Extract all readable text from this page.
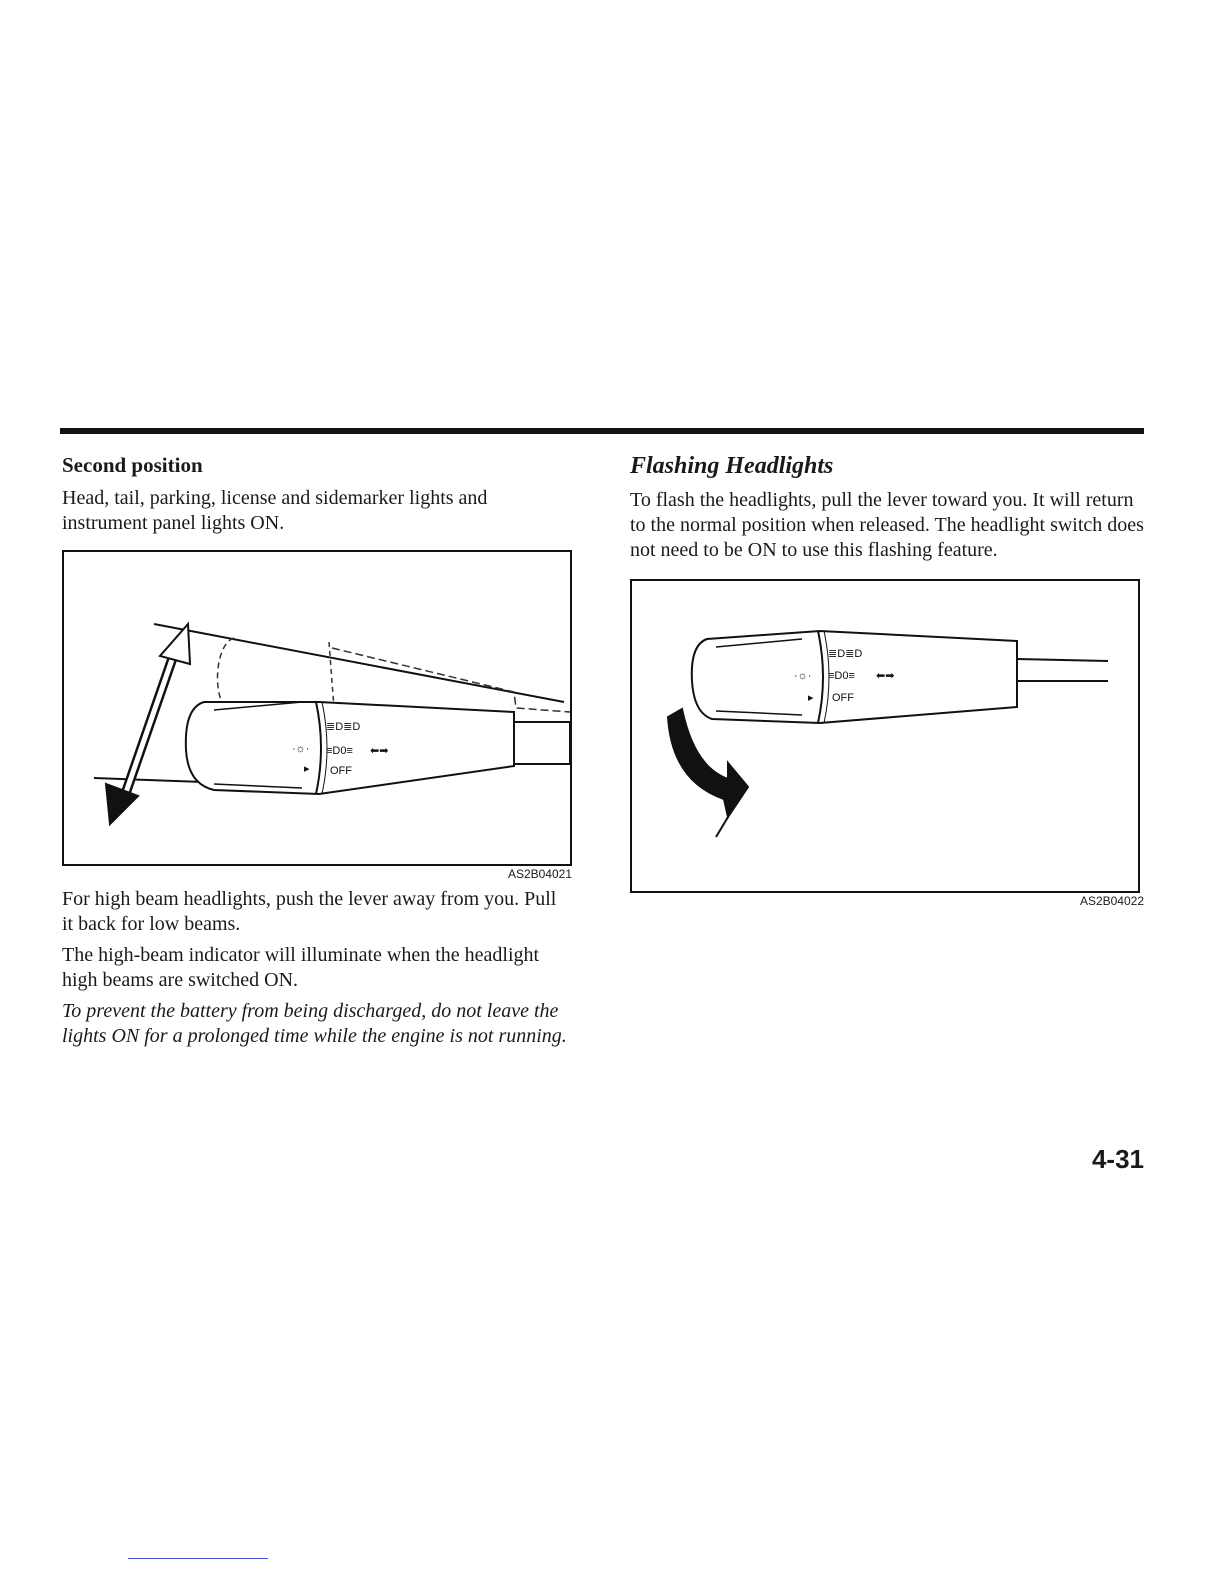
Second position

Head, tail, parking, license and sidemarker lights and instrument panel lights ON.

≣D≣D
·☼· ≡D0≡ ⬅➡
▸ OFF
AS2B04021

For high beam headlights, push the lever away from you. Pull it back for low beams.

The high-beam indicator will illuminate when the headlight high beams are switched ON.

To prevent the battery from being discharged, do not leave the lights ON for a prolonged time while the engine is not running.

Flashing Headlights

To flash the headlights, pull the lever toward you. It will return to the normal position when released. The headlight switch does not need to be ON to use this flashing feature.

≣D≣D
·☼· ≡D0≡ ⬅➡
▸ OFF
AS2B04022
4-31
